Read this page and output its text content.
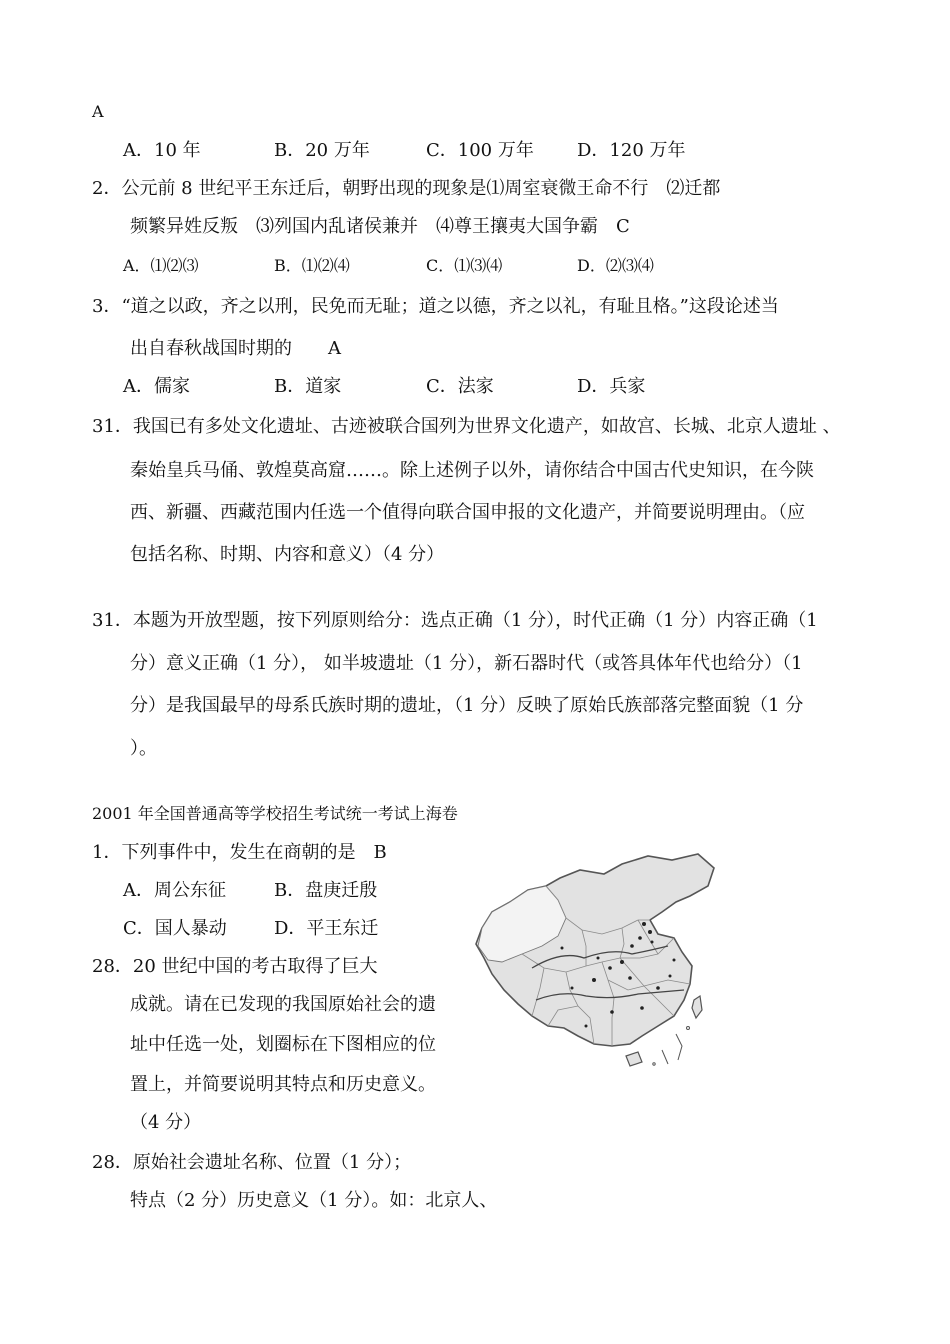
A
A．10 年	B．20 万年	C．100 万年 D．120 万年
2．公元前 8 世纪平王东迁后，朝野出现的现象是⑴周室衰微王命不行　⑵迁都
频繁异姓反叛　⑶列国内乱诸侯兼并　⑷尊王攘夷大国争霸　C
A．⑴⑵⑶	B．⑴⑵⑷	C．⑴⑶⑷	D．⑵⑶⑷
3．“道之以政，齐之以刑，民免而无耻；道之以德，齐之以礼，有耻且格。”这段论述当
出自春秋战国时期的　　A
A．儒家	B．道家	C．法家	D．兵家
31．我国已有多处文化遗址、古迹被联合国列为世界文化遗产，如故宫、长城、北京人遗址 、
秦始皇兵马俑、敦煌莫高窟……。除上述例子以外，请你结合中国古代史知识，在今陕
西、新疆、西藏范围内任选一个值得向联合国申报的文化遗产，并简要说明理由。（应
包括名称、时期、内容和意义）（4 分）
31．本题为开放型题，按下列原则给分：选点正确（1 分），时代正确（1 分）内容正确（1
分）意义正确（1 分）， 如半坡遗址（1 分），新石器时代（或答具体年代也给分）（1
分）是我国最早的母系氏族时期的遗址，（1 分）反映了原始氏族部落完整面貌（1 分
）。
2001 年全国普通高等学校招生考试统一考试上海卷
1．下列事件中，发生在商朝的是　B
A．周公东征	B．盘庚迁殷
C．国人暴动	D．平王东迁
28．20 世纪中国的考古取得了巨大
成就。请在已发现的我国原始社会的遗
址中任选一处，划圈标在下图相应的位
置上，并简要说明其特点和历史意义。
（4 分）
28．原始社会遗址名称、位置（1 分）；
特点（2 分）历史意义（1 分）。如：北京人、
